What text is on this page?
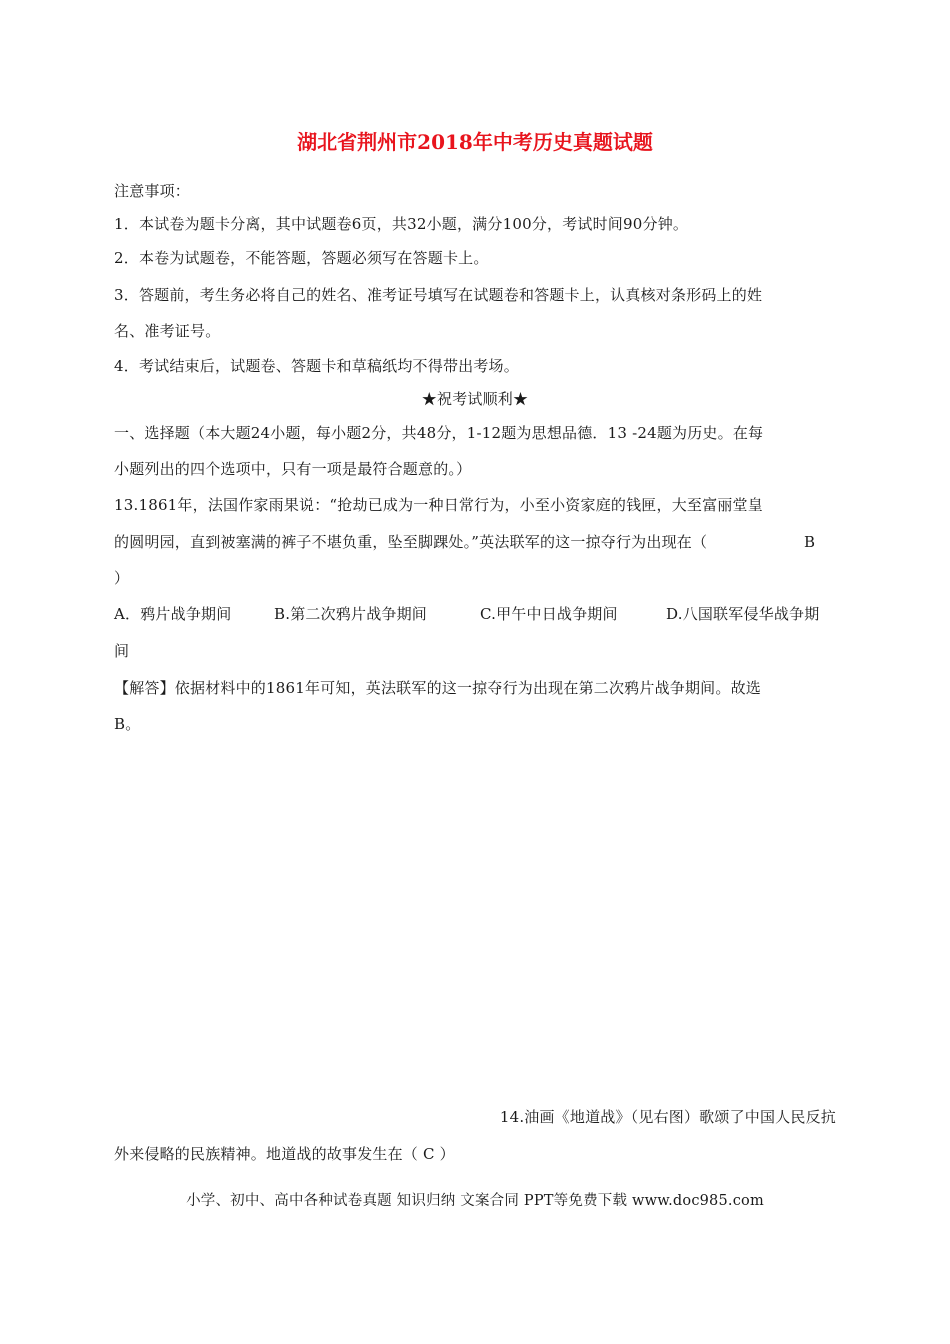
湖北省荆州市2018年中考历史真题试题
注意事项：
1．本试卷为题卡分离，其中试题卷6页，共32小题，满分100分，考试时间90分钟。
2．本卷为试题卷，不能答题，答题必须写在答题卡上。
3．答题前，考生务必将自己的姓名、准考证号填写在试题卷和答题卡上，认真核对条形码上的姓
名、准考证号。
4．考试结束后，试题卷、答题卡和草稿纸均不得带出考场。
★祝考试顺利★
一、选择题（本大题24小题，每小题2分，共48分，1-12题为思想品德．13 -24题为历史。在每
小题列出的四个选项中，只有一项是最符合题意的。）
13.1861年，法国作家雨果说：“抢劫已成为一种日常行为，小至小资家庭的钱匣，大至富丽堂皇
的圆明园，直到被塞满的裤子不堪负重，坠至脚踝处。”英法联军的这一掠夺行为出现在（	B
）
A．鸦片战争期间	B.第二次鸦片战争期间	C.甲午中日战争期间	D.八国联军侵华战争期
间
【解答】依据材料中的1861年可知，英法联军的这一掠夺行为出现在第二次鸦片战争期间。故选
B。
14.油画《地道战》（见右图）歌颂了中国人民反抗
外来侵略的民族精神。地道战的故事发生在（ C ）
小学、初中、高中各种试卷真题 知识归纳 文案合同 PPT等免费下载 www.doc985.com
